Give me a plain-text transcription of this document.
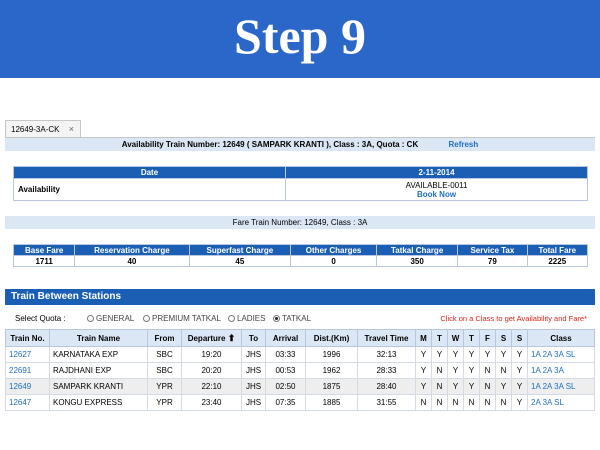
Step 9
12649-3A-CK ×
Availability Train Number: 12649 ( SAMPARK KRANTI ), Class : 3A, Quota : CK	Refresh
Date	2-11-2014
Availability	AVAILABLE-0011
Book Now
Fare Train Number: 12649, Class : 3A
Base Fare	Reservation Charge	Superfast Charge	Other Charges	Tatkal Charge	Service Tax	Total Fare
1711	40	45	0	350	79	2225
Train Between Stations
Select Quota :	GENERAL	PREMIUM TATKAL	LADIES	TATKAL	Click on a Class to get Availability and Fare*
Train No.	Train Name	From	Departure ⬆	To	Arrival	Dist.(Km)	Travel Time	M	T	W	T	F	S	S	Class
12627	KARNATAKA EXP	SBC	19:20	JHS	03:33	1996	32:13	Y	Y	Y	Y	Y	Y	Y	1A 2A 3A SL
22691	RAJDHANI EXP	SBC	20:20	JHS	00:53	1962	28:33	Y	N	Y	Y	N	N	Y	1A 2A 3A
12649	SAMPARK KRANTI	YPR	22:10	JHS	02:50	1875	28:40	Y	N	Y	Y	N	Y	Y	1A 2A 3A SL
12647	KONGU EXPRESS	YPR	23:40	JHS	07:35	1885	31:55	N	N	N	N	N	N	Y	2A 3A SL
